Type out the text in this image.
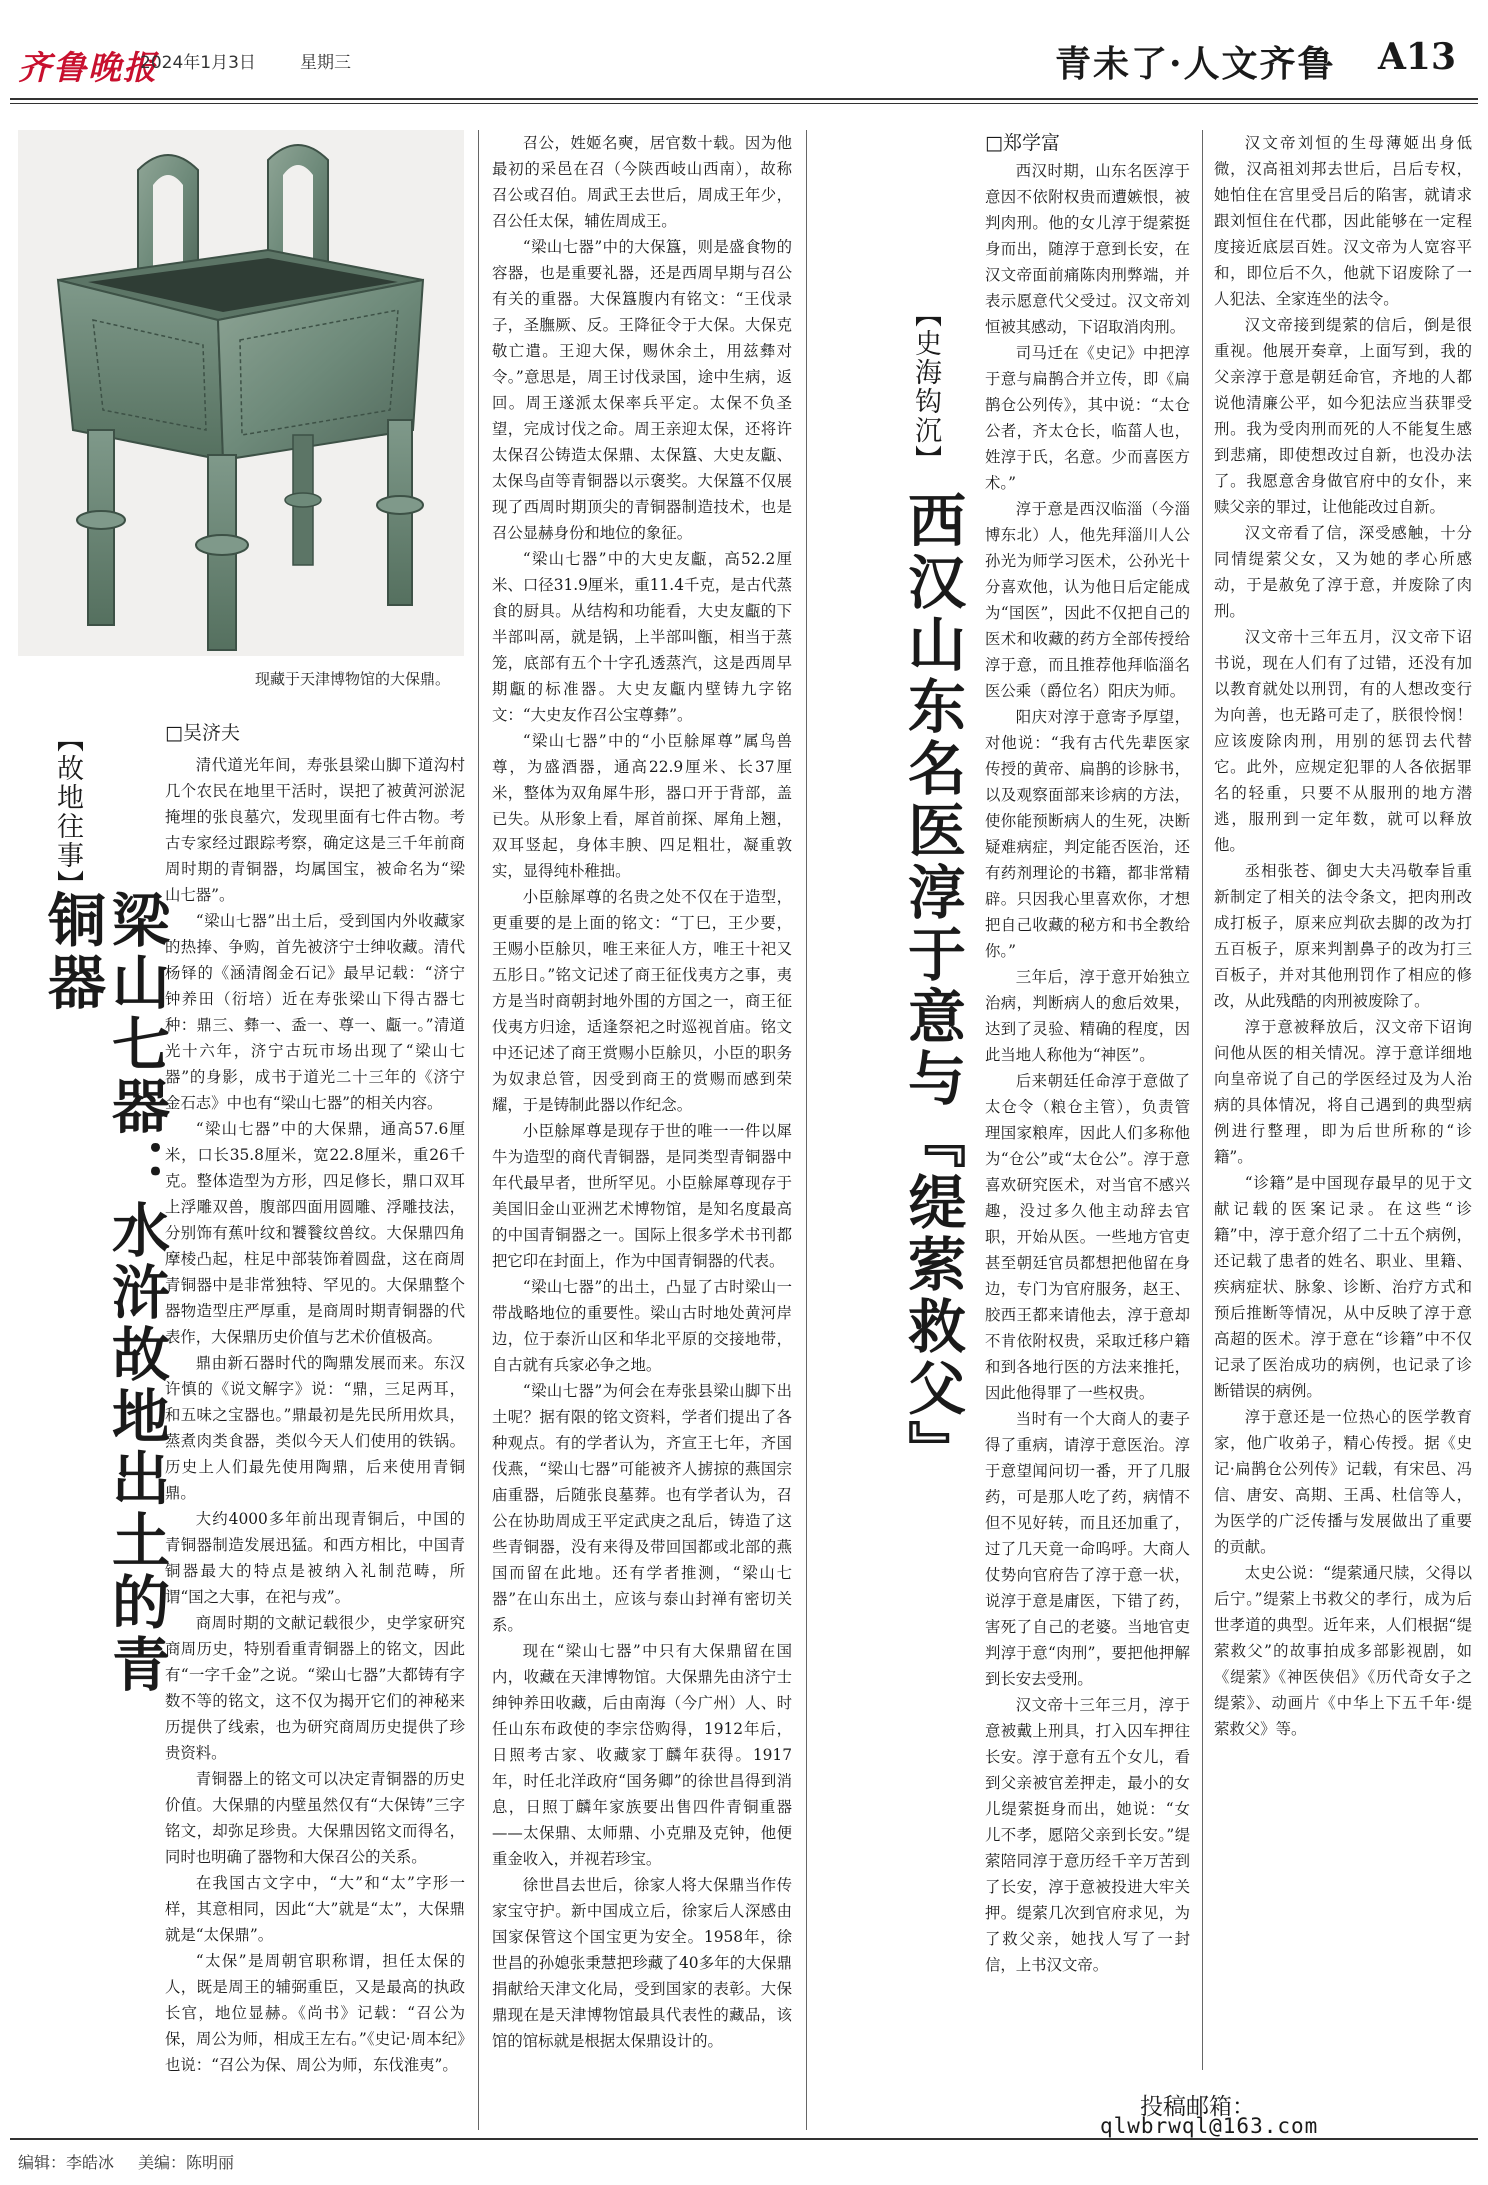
齐鲁晚报
2024年1月3日	星期三	青未了·人文齐鲁 A13
现藏于天津博物馆的大保鼎。
【故地往事】
梁山七器：水浒故地出土的青铜器
□吴济夫

清代道光年间，寿张县梁山脚下道沟村几个农民在地里干活时，误把了被黄河淤泥掩埋的张良墓穴，发现里面有七件古物。考古专家经过跟踪考察，确定这是三千年前商周时期的青铜器，均属国宝，被命名为“梁山七器”。

“梁山七器”出土后，受到国内外收藏家的热捧、争购，首先被济宁士绅收藏。清代杨铎的《涵清阁金石记》最早记载：“济宁钟养田（衍培）近在寿张梁山下得古器七种：鼎三、彝一、盉一、尊一、甗一。”清道光十六年，济宁古玩市场出现了“梁山七器”的身影，成书于道光二十三年的《济宁金石志》中也有“梁山七器”的相关内容。

“梁山七器”中的大保鼎，通高57.6厘米，口长35.8厘米，宽22.8厘米，重26千克。整体造型为方形，四足修长，鼎口双耳上浮雕双兽，腹部四面用圆雕、浮雕技法，分别饰有蕉叶纹和饕餮纹兽纹。大保鼎四角摩棱凸起，柱足中部装饰着圆盘，这在商周青铜器中是非常独特、罕见的。大保鼎整个器物造型庄严厚重，是商周时期青铜器的代表作，大保鼎历史价值与艺术价值极高。

鼎由新石器时代的陶鼎发展而来。东汉许慎的《说文解字》说：“鼎，三足两耳，和五味之宝器也。”鼎最初是先民所用炊具，蒸煮肉类食器，类似今天人们使用的铁锅。历史上人们最先使用陶鼎，后来使用青铜鼎。

大约4000多年前出现青铜后，中国的青铜器制造发展迅猛。和西方相比，中国青铜器最大的特点是被纳入礼制范畴，所谓“国之大事，在祀与戎”。

商周时期的文献记载很少，史学家研究商周历史，特别看重青铜器上的铭文，因此有“一字千金”之说。“梁山七器”大都铸有字数不等的铭文，这不仅为揭开它们的神秘来历提供了线索，也为研究商周历史提供了珍贵资料。

青铜器上的铭文可以决定青铜器的历史价值。大保鼎的内壁虽然仅有“大保铸”三字铭文，却弥足珍贵。大保鼎因铭文而得名，同时也明确了器物和大保召公的关系。

在我国古文字中，“大”和“太”字形一样，其意相同，因此“大”就是“太”，大保鼎就是“太保鼎”。

“太保”是周朝官职称谓，担任太保的人，既是周王的辅弼重臣，又是最高的执政长官，地位显赫。《尚书》记载：“召公为保，周公为师，相成王左右。”《史记·周本纪》也说：“召公为保、周公为师，东伐淮夷”。

召公，姓姬名奭，居官数十载。因为他最初的采邑在召（今陕西岐山西南），故称召公或召伯。周武王去世后，周成王年少，召公任太保，辅佐周成王。

“梁山七器”中的大保簋，则是盛食物的容器，也是重要礼器，还是西周早期与召公有关的重器。大保簋腹内有铭文：“王伐录子，圣膴厥、反。王降征令于大保。大保克敬亡遣。王迎大保，赐休余土，用兹彝对令。”意思是，周王讨伐录国，途中生病，返回。周王遂派太保率兵平定。太保不负圣望，完成讨伐之命。周王亲迎太保，还将许太保召公铸造太保鼎、太保簋、大史友甗、太保鸟卣等青铜器以示褒奖。大保簋不仅展现了西周时期顶尖的青铜器制造技术，也是召公显赫身份和地位的象征。

“梁山七器”中的大史友甗，高52.2厘米、口径31.9厘米，重11.4千克，是古代蒸食的厨具。从结构和功能看，大史友甗的下半部叫鬲，就是锅，上半部叫甑，相当于蒸笼，底部有五个十字孔透蒸汽，这是西周早期甗的标准器。大史友甗内壁铸九字铭文：“大史友作召公宝尊彝”。

“梁山七器”中的“小臣艅犀尊”属鸟兽尊，为盛酒器，通高22.9厘米、长37厘米，整体为双角犀牛形，器口开于背部，盖已失。从形象上看，犀首前探、犀角上翘，双耳竖起，身体丰腴、四足粗壮，凝重敦实，显得纯朴稚拙。

小臣艅犀尊的名贵之处不仅在于造型，更重要的是上面的铭文：“丁巳，王少要，王赐小臣艅贝，唯王来征人方，唯王十祀又五肜日。”铭文记述了商王征伐夷方之事，夷方是当时商朝封地外围的方国之一，商王征伐夷方归途，适逢祭祀之时巡视首庙。铭文中还记述了商王赏赐小臣艅贝，小臣的职务为奴隶总管，因受到商王的赏赐而感到荣耀，于是铸制此器以作纪念。

小臣艅犀尊是现存于世的唯一一件以犀牛为造型的商代青铜器，是同类型青铜器中年代最早者，世所罕见。小臣艅犀尊现存于美国旧金山亚洲艺术博物馆，是知名度最高的中国青铜器之一。国际上很多学术书刊都把它印在封面上，作为中国青铜器的代表。

“梁山七器”的出土，凸显了古时梁山一带战略地位的重要性。梁山古时地处黄河岸边，位于泰沂山区和华北平原的交接地带，自古就有兵家必争之地。

“梁山七器”为何会在寿张县梁山脚下出土呢？据有限的铭文资料，学者们提出了各种观点。有的学者认为，齐宣王七年，齐国伐燕，“梁山七器”可能被齐人掳掠的燕国宗庙重器，后随张良墓葬。也有学者认为，召公在协助周成王平定武庚之乱后，铸造了这些青铜器，没有来得及带回国都或北部的燕国而留在此地。还有学者推测，“梁山七器”在山东出土，应该与泰山封禅有密切关系。

现在“梁山七器”中只有大保鼎留在国内，收藏在天津博物馆。大保鼎先由济宁士绅钟养田收藏，后由南海（今广州）人、时任山东布政使的李宗岱购得，1912年后，日照考古家、收藏家丁麟年获得。1917年，时任北洋政府“国务卿”的徐世昌得到消息，日照丁麟年家族要出售四件青铜重器——太保鼎、太师鼎、小克鼎及克钟，他便重金收入，并视若珍宝。

徐世昌去世后，徐家人将大保鼎当作传家宝守护。新中国成立后，徐家后人深感由国家保管这个国宝更为安全。1958年，徐世昌的孙媳张秉慧把珍藏了40多年的大保鼎捐献给天津文化局，受到国家的表彰。大保鼎现在是天津博物馆最具代表性的藏品，该馆的馆标就是根据太保鼎设计的。

【史海钩沉】
西汉山东名医淳于意与『缇萦救父』
□郑学富

西汉时期，山东名医淳于意因不依附权贵而遭嫉恨，被判肉刑。他的女儿淳于缇萦挺身而出，随淳于意到长安，在汉文帝面前痛陈肉刑弊端，并表示愿意代父受过。汉文帝刘恒被其感动，下诏取消肉刑。

司马迁在《史记》中把淳于意与扁鹊合并立传，即《扁鹊仓公列传》，其中说：“太仓公者，齐太仓长，临菑人也，姓淳于氏，名意。少而喜医方术。”

淳于意是西汉临淄（今淄博东北）人，他先拜淄川人公孙光为师学习医术，公孙光十分喜欢他，认为他日后定能成为“国医”，因此不仅把自己的医术和收藏的药方全部传授给淳于意，而且推荐他拜临淄名医公乘（爵位名）阳庆为师。

阳庆对淳于意寄予厚望，对他说：“我有古代先辈医家传授的黄帝、扁鹊的诊脉书，以及观察面部来诊病的方法，使你能预断病人的生死，决断疑难病症，判定能否医治，还有药剂理论的书籍，都非常精辟。只因我心里喜欢你，才想把自己收藏的秘方和书全教给你。”

三年后，淳于意开始独立治病，判断病人的愈后效果，达到了灵验、精确的程度，因此当地人称他为“神医”。

后来朝廷任命淳于意做了太仓令（粮仓主管），负责管理国家粮库，因此人们多称他为“仓公”或“太仓公”。淳于意喜欢研究医术，对当官不感兴趣，没过多久他主动辞去官职，开始从医。一些地方官吏甚至朝廷官员都想把他留在身边，专门为官府服务，赵王、胶西王都来请他去，淳于意却不肯依附权贵，采取迁移户籍和到各地行医的方法来推托，因此他得罪了一些权贵。

当时有一个大商人的妻子得了重病，请淳于意医治。淳于意望闻问切一番，开了几服药，可是那人吃了药，病情不但不见好转，而且还加重了，过了几天竟一命呜呼。大商人仗势向官府告了淳于意一状，说淳于意是庸医，下错了药，害死了自己的老婆。当地官吏判淳于意“肉刑”，要把他押解到长安去受刑。

汉文帝十三年三月，淳于意被戴上刑具，打入囚车押往长安。淳于意有五个女儿，看到父亲被官差押走，最小的女儿缇萦挺身而出，她说：“女儿不孝，愿陪父亲到长安。”缇萦陪同淳于意历经千辛万苦到了长安，淳于意被投进大牢关押。缇萦几次到官府求见，为了救父亲，她找人写了一封信，上书汉文帝。

汉文帝刘恒的生母薄姬出身低微，汉高祖刘邦去世后，吕后专权，她怕住在宫里受吕后的陷害，就请求跟刘恒住在代郡，因此能够在一定程度接近底层百姓。汉文帝为人宽容平和，即位后不久，他就下诏废除了一人犯法、全家连坐的法令。

汉文帝接到缇萦的信后，倒是很重视。他展开奏章，上面写到，我的父亲淳于意是朝廷命官，齐地的人都说他清廉公平，如今犯法应当获罪受刑。我为受肉刑而死的人不能复生感到悲痛，即使想改过自新，也没办法了。我愿意舍身做官府中的女仆，来赎父亲的罪过，让他能改过自新。

汉文帝看了信，深受感触，十分同情缇萦父女，又为她的孝心所感动，于是赦免了淳于意，并废除了肉刑。

汉文帝十三年五月，汉文帝下诏书说，现在人们有了过错，还没有加以教育就处以刑罚，有的人想改变行为向善，也无路可走了，朕很怜悯！应该废除肉刑，用别的惩罚去代替它。此外，应规定犯罪的人各依据罪名的轻重，只要不从服刑的地方潜逃，服刑到一定年数，就可以释放他。

丞相张苍、御史大夫冯敬奉旨重新制定了相关的法令条文，把肉刑改成打板子，原来应判砍去脚的改为打五百板子，原来判割鼻子的改为打三百板子，并对其他刑罚作了相应的修改，从此残酷的肉刑被废除了。

淳于意被释放后，汉文帝下诏询问他从医的相关情况。淳于意详细地向皇帝说了自己的学医经过及为人治病的具体情况，将自己遇到的典型病例进行整理，即为后世所称的“诊籍”。

“诊籍”是中国现存最早的见于文献记载的医案记录。在这些“诊籍”中，淳于意介绍了二十五个病例，还记载了患者的姓名、职业、里籍、疾病症状、脉象、诊断、治疗方式和预后推断等情况，从中反映了淳于意高超的医术。淳于意在“诊籍”中不仅记录了医治成功的病例，也记录了诊断错误的病例。

淳于意还是一位热心的医学教育家，他广收弟子，精心传授。据《史记·扁鹊仓公列传》记载，有宋邑、冯信、唐安、高期、王禹、杜信等人，为医学的广泛传播与发展做出了重要的贡献。

太史公说：“缇萦通尺牍，父得以后宁。”缇萦上书救父的孝行，成为后世孝道的典型。近年来，人们根据“缇萦救父”的故事拍成多部影视剧，如《缇萦》《神医侠侣》《历代奇女子之缇萦》、动画片《中华上下五千年·缇萦救父》等。

投稿邮箱：
qlwbrwql@163.com
编辑：李皓冰 美编：陈明丽
